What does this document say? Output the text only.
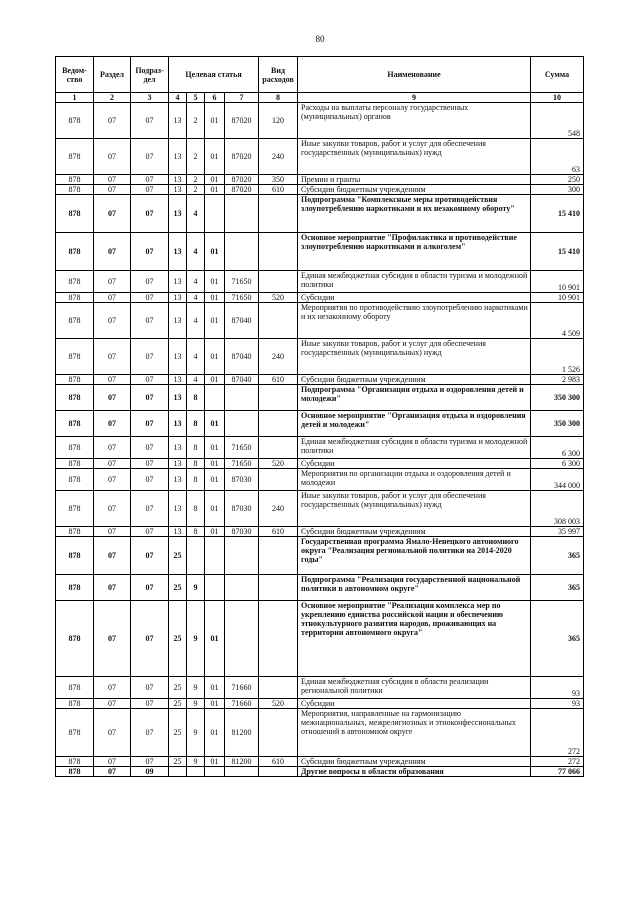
80
Ведом-ство	Раздел	Подраз-дел	Целевая статья				Вид расходов	Наименование	Сумма
1	2	3	4	5	6	7	8	9	10
878	07	07	13	2	01	87020	120	Расходы на выплаты персоналу государственных (муниципальных) органов	548
878	07	07	13	2	01	87020	240	Иные закупки товаров, работ и услуг для обеспечения государственных (муниципальных) нужд	63
878	07	07	13	2	01	87020	350	Премии и гранты	250
878	07	07	13	2	01	87020	610	Субсидии бюджетным учреждениям	300
878	07	07	13	4				Подпрограмма "Комплексные меры противодействия злоупотреблению наркотиками и их незаконному обороту"	15 410
878	07	07	13	4	01			Основное мероприятие "Профилактика и противодействие злоупотреблению наркотиками и алкоголем"	15 410
878	07	07	13	4	01	71650		Единая межбюджетная субсидия в области туризма и молодежной политики	10 901
878	07	07	13	4	01	71650	520	Субсидии	10 901
878	07	07	13	4	01	87040		Мероприятия по противодействию злоупотреблению наркотиками и их незаконному обороту	4 509
878	07	07	13	4	01	87040	240	Иные закупки товаров, работ и услуг для обеспечения государственных (муниципальных) нужд	1 526
878	07	07	13	4	01	87040	610	Субсидии бюджетным учреждениям	2 983
878	07	07	13	8				Подпрограмма "Организация отдыха и оздоровления детей и молодежи"	350 300
878	07	07	13	8	01			Основное мероприятие "Организация отдыха и оздоровления детей и молодежи"	350 300
878	07	07	13	8	01	71650		Единая межбюджетная субсидия в области туризма и молодежной политики	6 300
878	07	07	13	8	01	71650	520	Субсидии	6 300
878	07	07	13	8	01	87030		Мероприятия по организации отдыха и оздоровления детей и молодежи	344 000
878	07	07	13	8	01	87030	240	Иные закупки товаров, работ и услуг для обеспечения государственных (муниципальных) нужд	308 003
878	07	07	13	8	01	87030	610	Субсидии бюджетным учреждениям	35 997
878	07	07	25					Государственная программа Ямало-Ненецкого автономного округа "Реализация региональной политики на 2014-2020 годы"	365
878	07	07	25	9				Подпрограмма "Реализация государственной национальной политики в автономном округе"	365
878	07	07	25	9	01			Основное мероприятие "Реализация комплекса мер по укреплению единства российской нации и обеспечению этнокультурного развития народов, проживающих на территории автономного округа"	365
878	07	07	25	9	01	71660		Единая межбюджетная субсидия в области реализации региональной политики	93
878	07	07	25	9	01	71660	520	Субсидии	93
878	07	07	25	9	01	81200		Мероприятия, направленные на гармонизацию межнациональных, межрелигиозных и этноконфессиональных отношений в автономном округе	272
878	07	07	25	9	01	81200	610	Субсидии бюджетным учреждениям	272
878	07	09						Другие вопросы в области образования	77 066
